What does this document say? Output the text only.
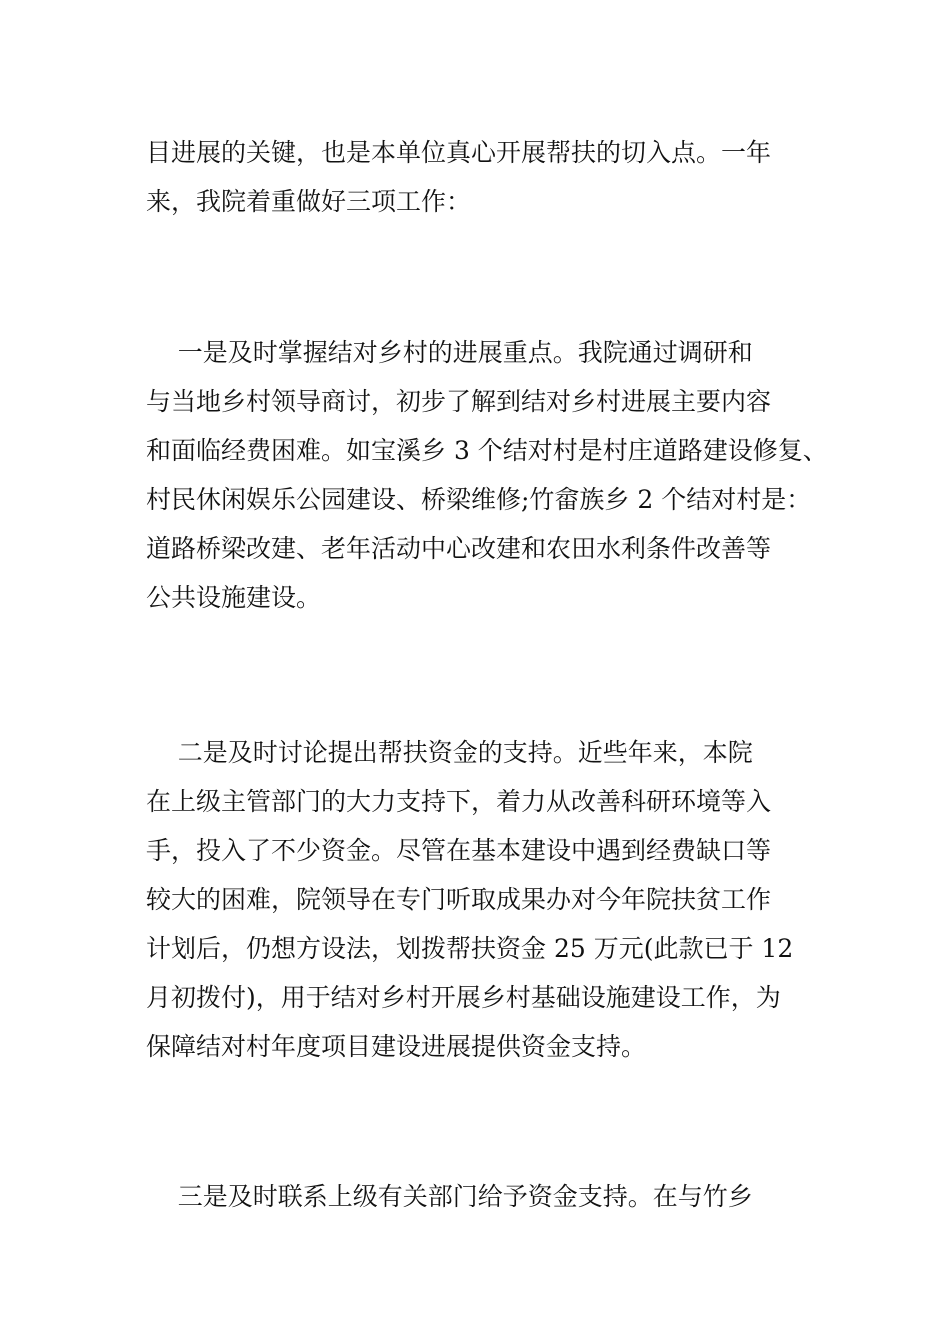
目进展的关键，也是本单位真心开展帮扶的切入点。一年
来，我院着重做好三项工作：

一是及时掌握结对乡村的进展重点。我院通过调研和
与当地乡村领导商讨，初步了解到结对乡村进展主要内容
和面临经费困难。如宝溪乡 3 个结对村是村庄道路建设修复、
村民休闲娱乐公园建设、桥梁维修;竹畲族乡 2 个结对村是：
道路桥梁改建、老年活动中心改建和农田水利条件改善等
公共设施建设。

二是及时讨论提出帮扶资金的支持。近些年来，本院
在上级主管部门的大力支持下，着力从改善科研环境等入
手，投入了不少资金。尽管在基本建设中遇到经费缺口等
较大的困难，院领导在专门听取成果办对今年院扶贫工作
计划后，仍想方设法，划拨帮扶资金 25 万元(此款已于 12
月初拨付)，用于结对乡村开展乡村基础设施建设工作，为
保障结对村年度项目建设进展提供资金支持。

三是及时联系上级有关部门给予资金支持。在与竹乡
